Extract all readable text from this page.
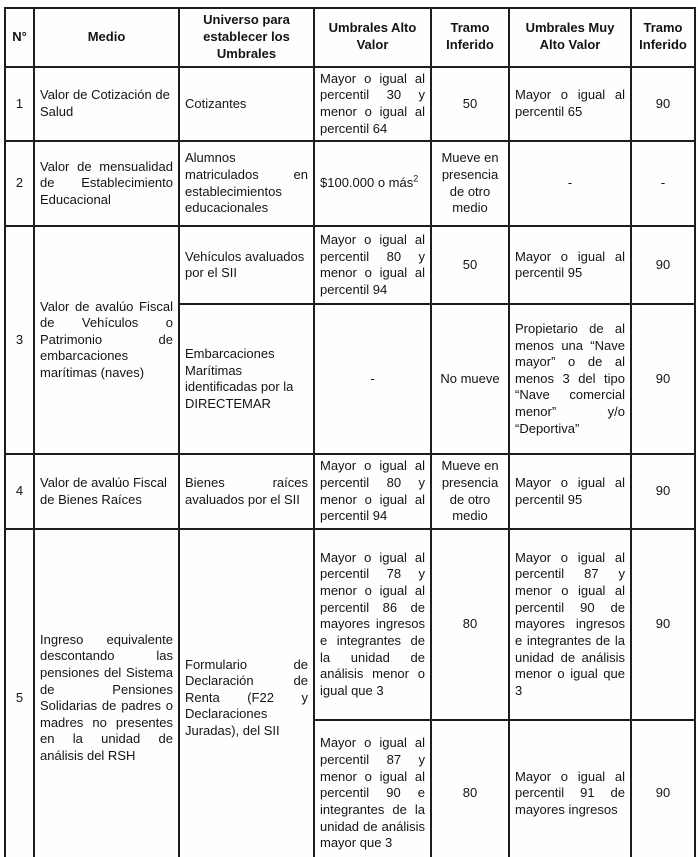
N°	Medio	Universo para establecer los Umbrales	Umbrales Alto Valor	Tramo Inferido	Umbrales Muy Alto Valor	Tramo Inferido
1	Valor de Cotización de Salud	Cotizantes	Mayor o igual al percentil 30 y menor o igual al percentil 64	50	Mayor o igual al percentil 65	90
2	Valor de mensualidad de Establecimiento Educacional	Alumnos matriculados en establecimientos educacionales	$100.000 o más$^2$	Mueve en presencia de otro medio	-	-
3	Valor de avalúo Fiscal de Vehículos o Patrimonio de embarcaciones marítimas (naves)	Vehículos avaluados por el SII	Mayor o igual al percentil 80 y menor o igual al percentil 94	50	Mayor o igual al percentil 95	90
		Embarcaciones Marítimas identificadas por la DIRECTEMAR	-	No mueve	Propietario de al menos una “Nave mayor” o de al menos 3 del tipo “Nave comercial menor” y/o “Deportiva”	90
4	Valor de avalúo Fiscal de Bienes Raíces	Bienes raíces avaluados por el SII	Mayor o igual al percentil 80 y menor o igual al percentil 94	Mueve en presencia de otro medio	Mayor o igual al percentil 95	90
5	Ingreso equivalente descontando las pensiones del Sistema de Pensiones Solidarias de padres o madres no presentes en la unidad de análisis del RSH	Formulario de Declaración de Renta (F22 y Declaraciones Juradas), del SII	Mayor o igual al percentil 78 y menor o igual al percentil 86 de mayores ingresos e integrantes de la unidad de análisis menor o igual que 3	80	Mayor o igual al percentil 87 y menor o igual al percentil 90 de mayores ingresos e integrantes de la unidad de análisis menor o igual que 3	90
			Mayor o igual al percentil 87 y menor o igual al percentil 90 e integrantes de la unidad de análisis mayor que 3	80	Mayor o igual al percentil 91 de mayores ingresos	90
